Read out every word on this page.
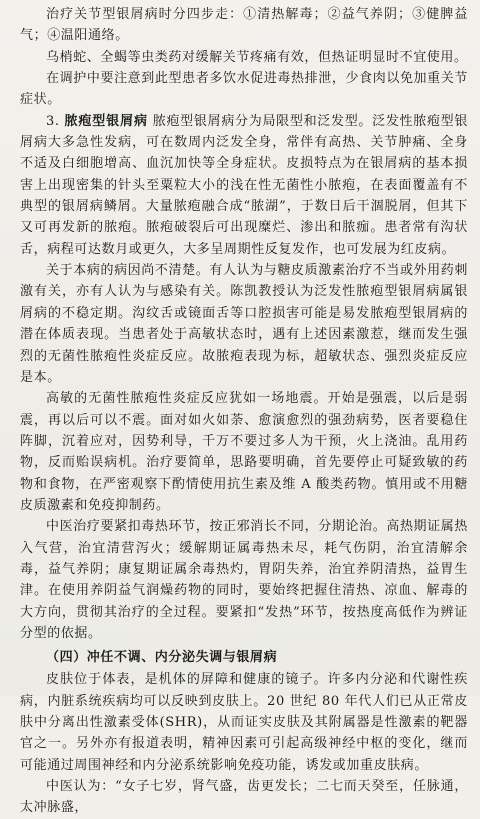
治疗关节型银屑病时分四步走：①清热解毒；②益气养阴；③健脾益气；④温阳通络。

乌梢蛇、全蝎等虫类药对缓解关节疼痛有效，但热证明显时不宜使用。

在调护中要注意到此型患者多饮水促进毒热排泄，少食肉以免加重关节症状。

3. 脓疱型银屑病 脓疱型银屑病分为局限型和泛发型。泛发性脓疱型银屑病大多急性发病，可在数周内泛发全身，常伴有高热、关节肿痛、全身不适及白细胞增高、血沉加快等全身症状。皮损特点为在银屑病的基本损害上出现密集的针头至粟粒大小的浅在性无菌性小脓疱，在表面覆盖有不典型的银屑病鳞屑。大量脓疱融合成“脓湖”，于数日后干涸脱屑，但其下又可再发新的脓疱。脓疱破裂后可出现糜烂、渗出和脓痂。患者常有沟状舌，病程可达数月或更久，大多呈周期性反复发作，也可发展为红皮病。

关于本病的病因尚不清楚。有人认为与糖皮质激素治疗不当或外用药刺激有关，亦有人认为与感染有关。陈凯教授认为泛发性脓疱型银屑病属银屑病的不稳定期。沟纹舌或镜面舌等口腔损害可能是易发脓疱型银屑病的潜在体质表现。当患者处于高敏状态时，遇有上述因素激惹，继而发生强烈的无菌性脓疱性炎症反应。故脓疱表现为标，超敏状态、强烈炎症反应是本。

高敏的无菌性脓疱性炎症反应犹如一场地震。开始是强震，以后是弱震，再以后可以不震。面对如火如荼、愈演愈烈的强劲病势，医者要稳住阵脚，沉着应对，因势利导，千万不要过多人为干预，火上浇油。乱用药物，反而贻误病机。治疗要简单，思路要明确，首先要停止可疑致敏的药物和食物，在严密观察下酌情使用抗生素及维 A 酸类药物。慎用或不用糖皮质激素和免疫抑制药。

中医治疗要紧扣毒热环节，按正邪消长不同，分期论治。高热期证属热入气营，治宜清营泻火；缓解期证属毒热未尽，耗气伤阴，治宜清解余毒，益气养阴；康复期证属余毒热灼，胃阴失养，治宜养阴清热，益胃生津。在使用养阴益气润燥药物的同时，要始终把握住清热、凉血、解毒的大方向，贯彻其治疗的全过程。要紧扣“发热”环节，按热度高低作为辨证分型的依据。

（四）冲任不调、内分泌失调与银屑病

皮肤位于体表，是机体的屏障和健康的镜子。许多内分泌和代谢性疾病，内脏系统疾病均可以反映到皮肤上。20 世纪 80 年代人们已从正常皮肤中分离出性激素受体(SHR)，从而证实皮肤及其附属器是性激素的靶器官之一。另外亦有报道表明，精神因素可引起高级神经中枢的变化，继而可能通过周围神经和内分泌系统影响免疫功能，诱发或加重皮肤病。

中医认为：“女子七岁，肾气盛，齿更发长；二七而天癸至，任脉通，太冲脉盛，
